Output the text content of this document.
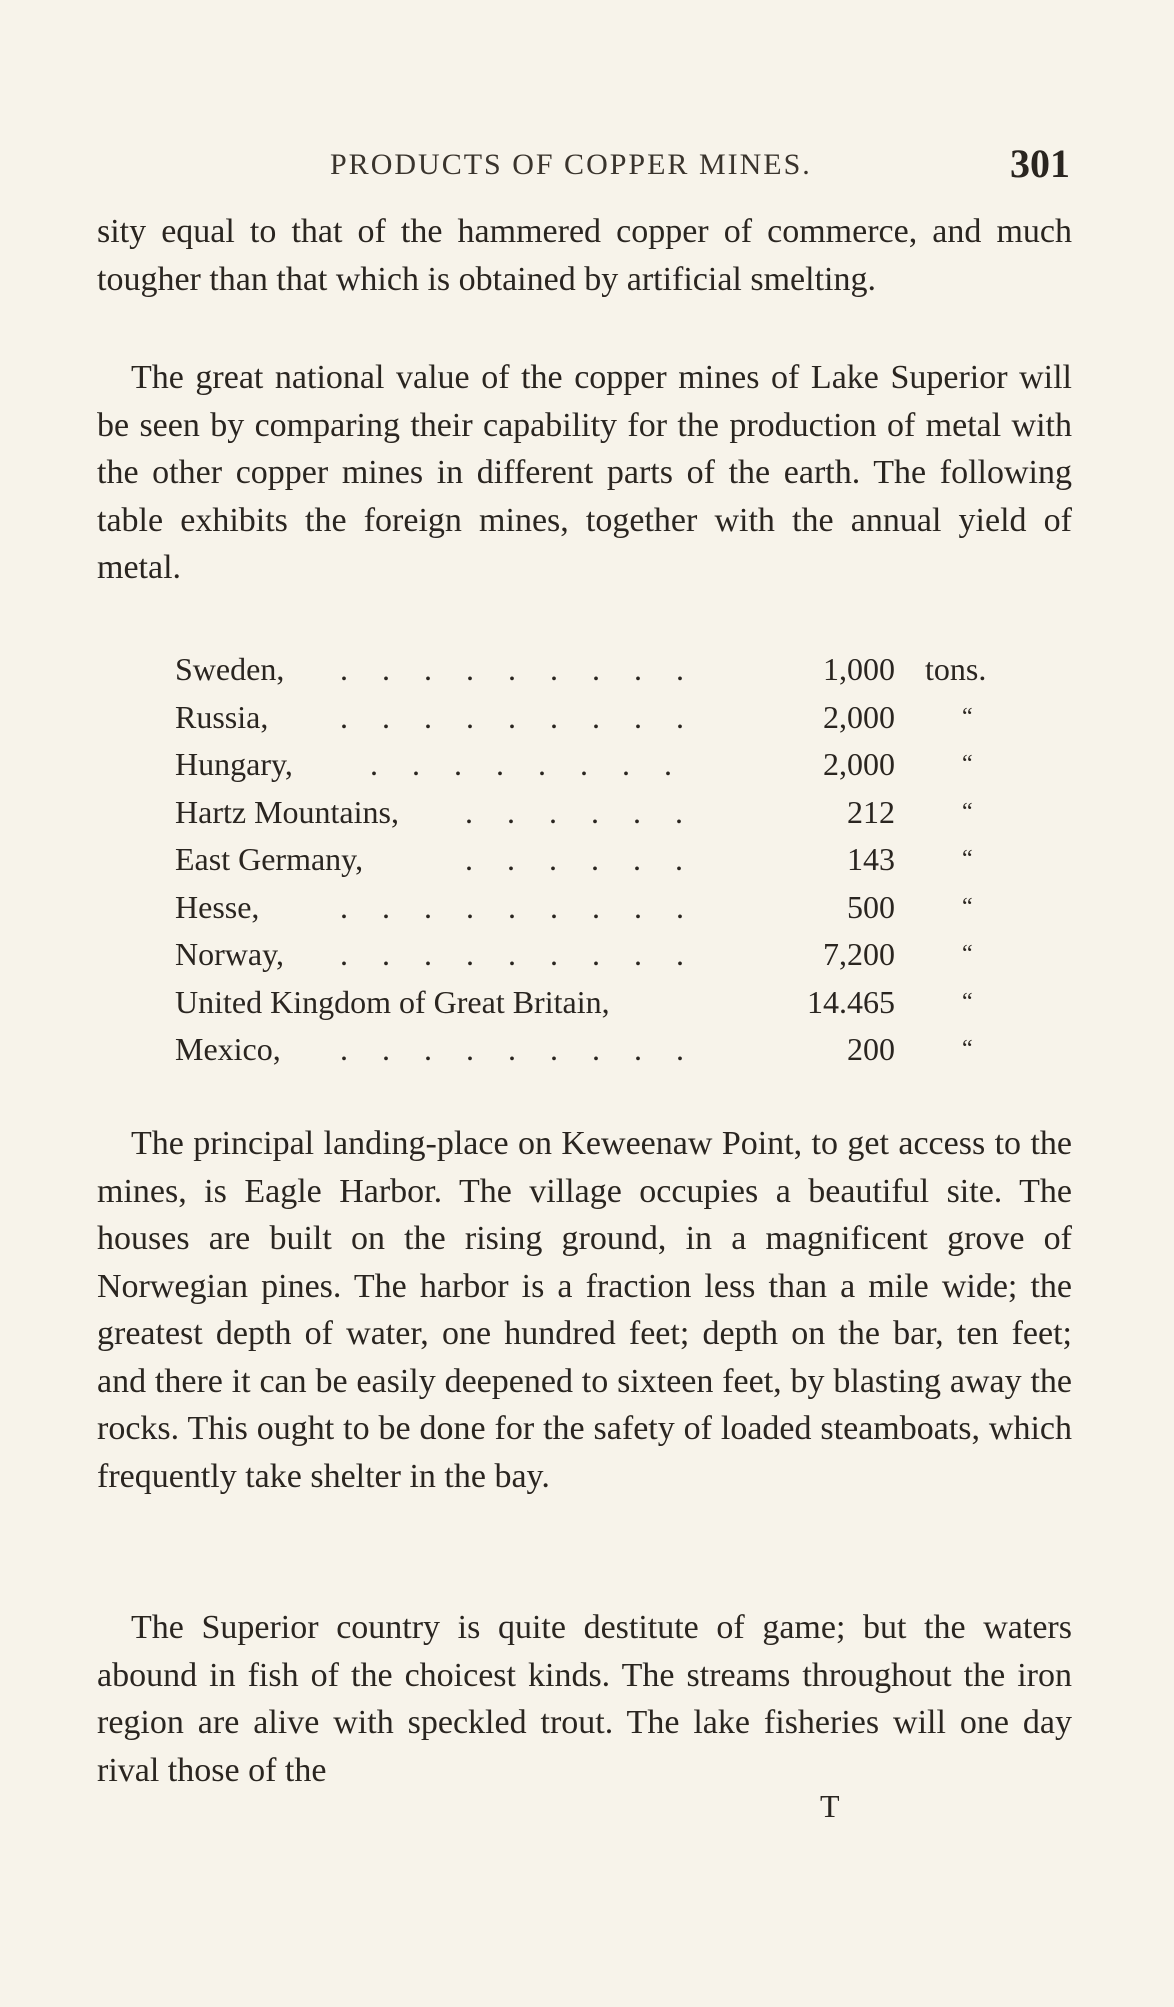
PRODUCTS OF COPPER MINES.	301

sity equal to that of the hammered copper of commerce, and much tougher than that which is obtained by artificial smelting.

The great national value of the copper mines of Lake Superior will be seen by comparing their capability for the production of metal with the other copper mines in different parts of the earth. The following table exhibits the foreign mines, together with the annual yield of metal.

Sweden, . . . . . . . . .	1,000 tons.
Russia, . . . . . . . . .	2,000	“
Hungary, . . . . . . . .	2,000	“
Hartz Mountains, . . . . . .	212	“
East Germany,	. . . . . .	143	“
Hesse,	. . . . . . . . .	500	“
Norway, . . . . . . . . .	7,200	“
United Kingdom of Great Britain,	14.465	“
Mexico, . . . . . . . . .	200	“

The principal landing-place on Keweenaw Point, to get access to the mines, is Eagle Harbor. The village occupies a beautiful site. The houses are built on the rising ground, in a magnificent grove of Norwegian pines. The harbor is a fraction less than a mile wide; the greatest depth of water, one hundred feet; depth on the bar, ten feet; and there it can be easily deepened to sixteen feet, by blasting away the rocks. This ought to be done for the safety of loaded steamboats, which frequently take shelter in the bay.

The Superior country is quite destitute of game; but the waters abound in fish of the choicest kinds. The streams throughout the iron region are alive with speckled trout. The lake fisheries will one day rival those of the

T
